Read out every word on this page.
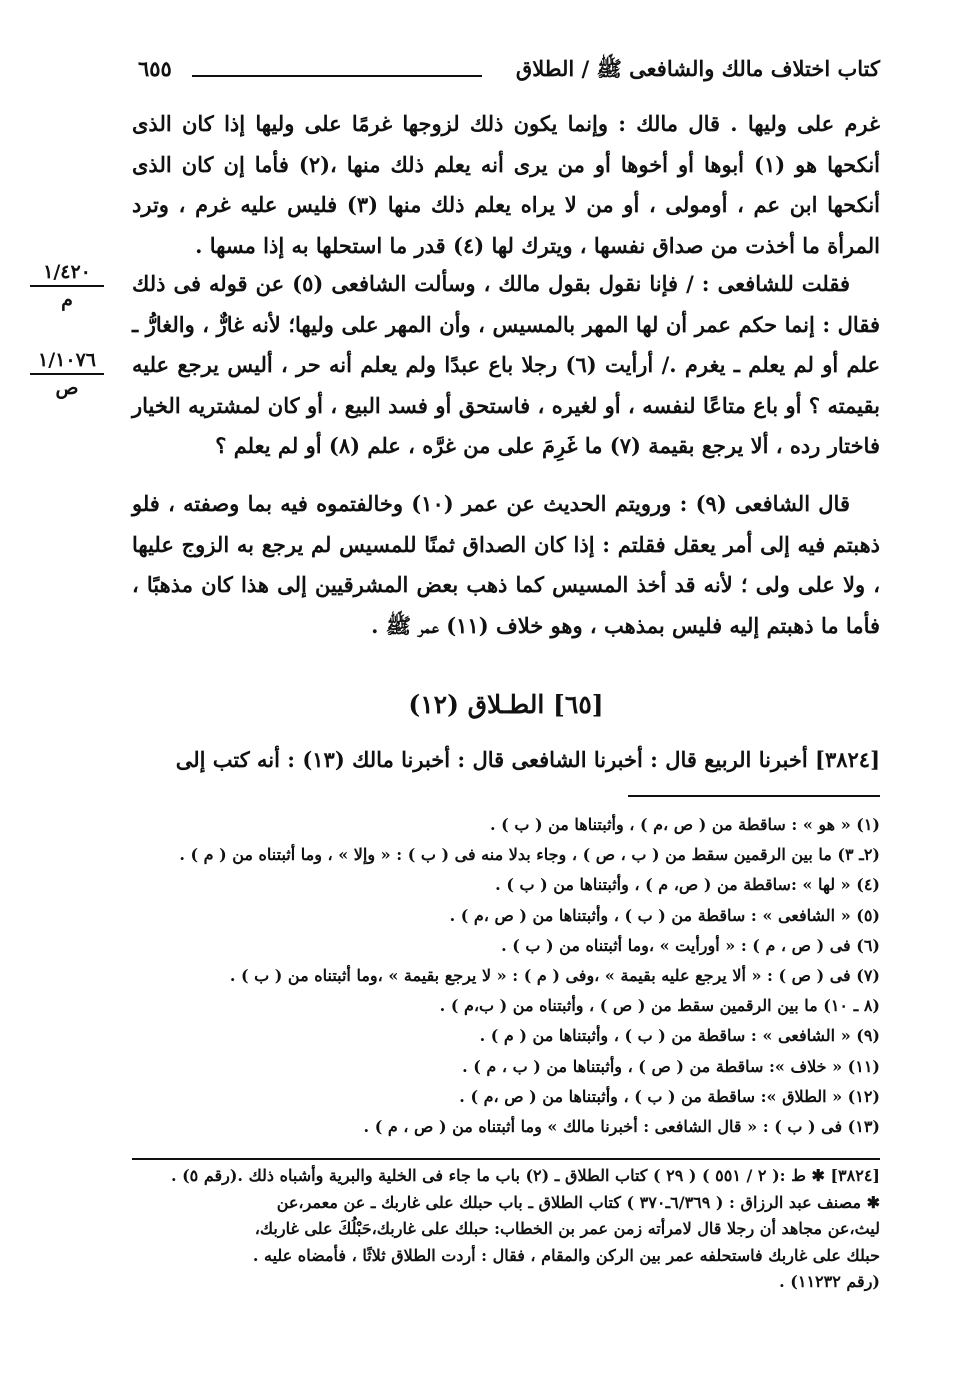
كتاب اختلاف مالك والشافعى ﷺ / الطلاق
٦٥٥
١/٤٢٠
م
١/١٠٧٦
ص
غرم على وليها . قال مالك : وإنما يكون ذلك لزوجها غرمًا على وليها إذا كان الذى أنكحها هو (١) أبوها أو أخوها أو من يرى أنه يعلم ذلك منها ،(٢) فأما إن كان الذى أنكحها ابن عم ، أومولى ، أو من لا يراه يعلم ذلك منها (٣) فليس عليه غرم ، وترد المرأة ما أخذت من صداق نفسها ، ويترك لها (٤) قدر ما استحلها به إذا مسها .
فقلت للشافعى : / فإنا نقول بقول مالك ، وسألت الشافعى (٥) عن قوله فى ذلك فقال : إنما حكم عمر أن لها المهر بالمسيس ، وأن المهر على وليها؛ لأنه غارٌّ ، والغارُّ ـ علم أو لم يعلم ـ يغرم ./ أرأيت (٦) رجلا باع عبدًا ولم يعلم أنه حر ، أليس يرجع عليه بقيمته ؟ أو باع متاعًا لنفسه ، أو لغيره ، فاستحق أو فسد البيع ، أو كان لمشتريه الخيار فاختار رده ، ألا يرجع بقيمة (٧) ما غَرِمَ على من غرَّه ، علم (٨) أو لم يعلم ؟
قال الشافعى (٩) : ورويتم الحديث عن عمر (١٠) وخالفتموه فيه بما وصفته ، فلو ذهبتم فيه إلى أمر يعقل فقلتم : إذا كان الصداق ثمنًا للمسيس لم يرجع به الزوج عليها ، ولا على ولى ؛ لأنه قد أخذ المسيس كما ذهب بعض المشرقيين إلى هذا كان مذهبًا ، فأما ما ذهبتم إليه فليس بمذهب ، وهو خلاف (١١) عمر ﷺ .
[٦٥] الطـلاق (١٢)
[٣٨٢٤] أخبرنا الربيع قال : أخبرنا الشافعى قال : أخبرنا مالك (١٣) : أنه كتب إلى
(١) « هو » : ساقطة من ( ص ،م ) ، وأثبتناها من ( ب ) .
(٢ـ ٣) ما بين الرقمين سقط من ( ب ، ص ) ، وجاء بدلا منه فى ( ب ) : « وإلا » ، وما أثبتناه من ( م ) .
(٤) « لها » :ساقطة من ( ص، م ) ، وأثبتناها من ( ب ) .
(٥) « الشافعى » : ساقطة من ( ب ) ، وأثبتناها من ( ص ،م ) .
(٦) فى ( ص ، م ) : « أورأيت » ،وما أثبتناه من ( ب ) .
(٧) فى ( ص ) : « ألا يرجع عليه بقيمة » ،وفى ( م ) : « لا يرجع بقيمة » ،وما أثبتناه من ( ب ) .
(٨ ـ ١٠) ما بين الرقمين سقط من ( ص ) ، وأثبتناه من ( ب،م ) .
(٩) « الشافعى » : ساقطة من ( ب ) ، وأثبتناها من ( م ) .
(١١) « خلاف »: ساقطة من ( ص ) ، وأثبتناها من ( ب ، م ) .
(١٢) « الطلاق »: ساقطة من ( ب ) ، وأثبتناها من ( ص ،م ) .
(١٣) فى ( ب ) : « قال الشافعى : أخبرنا مالك » وما أثبتناه من ( ص ، م ) .
[٣٨٢٤] ✱ ط :( ٢ / ٥٥١ ) ( ٢٩ ) كتاب الطلاق ـ (٢) باب ما جاء فى الخلية والبرية وأشباه ذلك .(رقم ٥) .
✱ مصنف عبد الرزاق : ( ٦/٣٦٩ـ٣٧٠ ) كتاب الطلاق ـ باب حبلك على غاربك ـ عن معمر،عن
ليث،عن مجاهد أن رجلا قال لامرأته زمن عمر بن الخطاب: حبلك على غاربك،حَبْلُكَ على غاربك،
حبلك على غاربك فاستحلفه عمر بين الركن والمقام ، فقال : أردت الطلاق ثلاثًا ، فأمضاه عليه .
(رقم ١١٢٣٢) .
